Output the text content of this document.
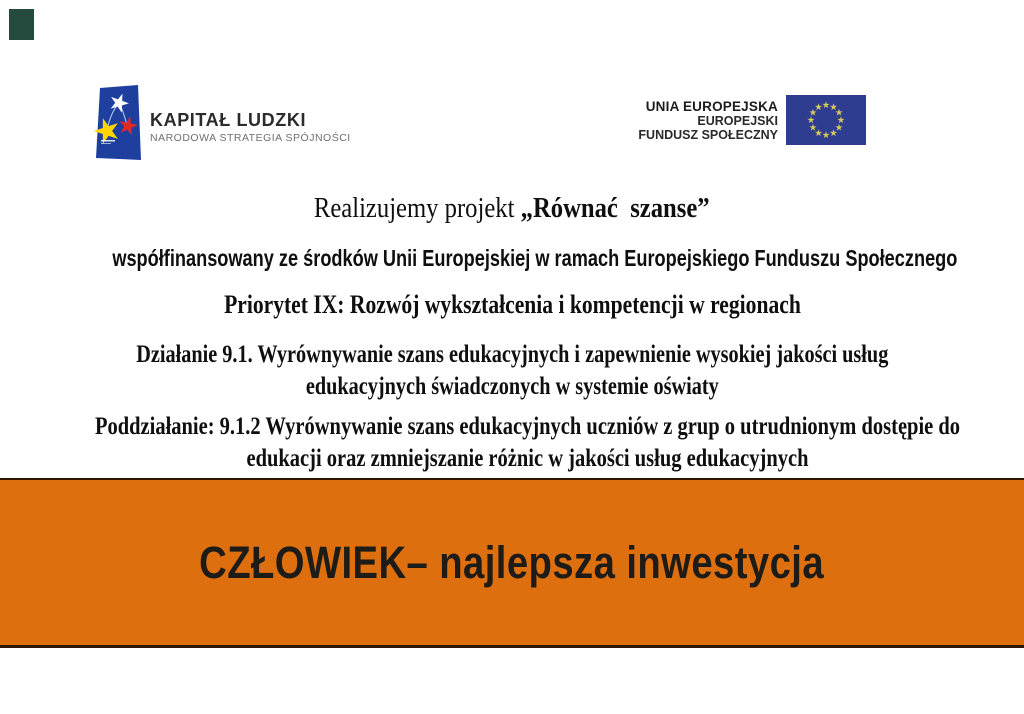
KAPITAŁ LUDZKI
NARODOWA STRATEGIA SPÓJNOŚCI
UNIA EUROPEJSKA
EUROPEJSKI
FUNDUSZ SPOŁECZNY
Realizujemy projekt „Równać  szanse”
współfinansowany ze środków Unii Europejskiej w ramach Europejskiego Funduszu Społecznego
Priorytet IX: Rozwój wykształcenia i kompetencji w regionach
Działanie 9.1. Wyrównywanie szans edukacyjnych i zapewnienie wysokiej jakości usług
edukacyjnych świadczonych w systemie oświaty
Poddziałanie: 9.1.2 Wyrównywanie szans edukacyjnych uczniów z grup o utrudnionym dostępie do
edukacji oraz zmniejszanie różnic w jakości usług edukacyjnych
CZŁOWIEK– najlepsza inwestycja
